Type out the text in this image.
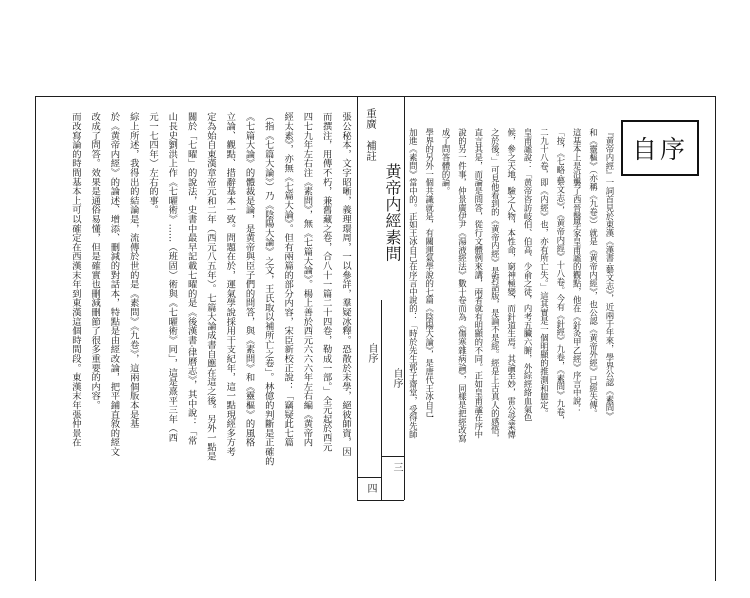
重廣
補註
黄帝内經素問
自序
自序
四
三
自序
『黄帝内經』一詞首見於東漢《漢書‧藝文志》，近兩千年來，學界公認《素問》
和《靈樞》（亦稱《九卷》）就是《黄帝内經》，也公認《黄帝外經》已經失傳。
這基本上是沿襲了西晉醫學家皇甫謐的觀點，他在《針灸甲乙經》序言中說：
「按，《七略‧藝文志》，《黄帝内經》十八卷。今有《針經》九卷，《素問》九卷，
二九十八卷，即《内經》也，亦有所亡失。」這其實是一個明顯的推測和臆定。
皇甫謐說：「黄帝咨訪岐伯、伯高、少俞之徒，内考五臟六腑，外綜經絡血氣色
候，參之天地，驗之人物，本性命，窮神極變，而針道生焉。其論至妙，雷公受業傳
之於後。」可見他看到的《黄帝内經》是對話版，是論不是經。經是上古真人的感悟，
直言其是，而論是問答，從行文體例來講，兩者就有明顯的不同。正如皇甫謐在序中
說的另一件事，仲景廣伊尹《湯液經法》數十卷而為《傷寒雜病論》，同樣是把經改寫
成了問答體的論。
學界的另外一個共識就是，有關運氣學說的七篇《陰陽大論》，是唐代王冰自己
加進《素問》當中的。正如王冰自己在序言中說的：「時於先生郭子齋堂，受得先師
張公秘本，文字昭晰，義理環周，一以參詳，羣疑冰釋。恐散於末學，絕彼師資，因
而撰注，用傳不朽，兼舊藏之卷，合八十一篇二十四卷，勒成一部。」全元起於西元
四七九年左右注《素問》，無《七篇大論》。楊上善於西元六六六年左右編《黄帝内
經太素》，亦無《七篇大論》。但有兩篇的部分内容，宋臣新校正說：「竊疑此七篇
（指《七篇大論》）乃《陰陽大論》之文，王氏取以補所亡之卷」。林億的判斷是正確的
《七篇大論》的體裁是論，是黄帝與臣子們的問答，與《素問》和《靈樞》的風格
立論、觀點、措辭基本一致。問題在於，運氣學說採用干支紀年，這一點現經多方考
定為始自東漢章帝元和二年（西元八五年）。七篇大論成書自應在這之後。另外一點是
關於「七曜」的說法，史書中最早記載七曜的是《後漢書‧律曆志》，其中說：「常
山長史劉洪上作《七曜術》……（班固）術與《七曜術》同」，這是熹平三年（西
元一七四年）左右的事。
綜上所述，我得出的結論是，流傳於世的是《素問》《九卷》，這兩個版本是基
於《黄帝内經》的論述、增添、刪減的對話本，特點是由經改論，把平鋪直敘的經文
改成了問答。效果是通俗易懂，但是確實也刪減刪節了很多重要的内容。
而改寫論的時間基本上可以確定在西漢末年到東漢這個時間段。東漢末年張仲景在
